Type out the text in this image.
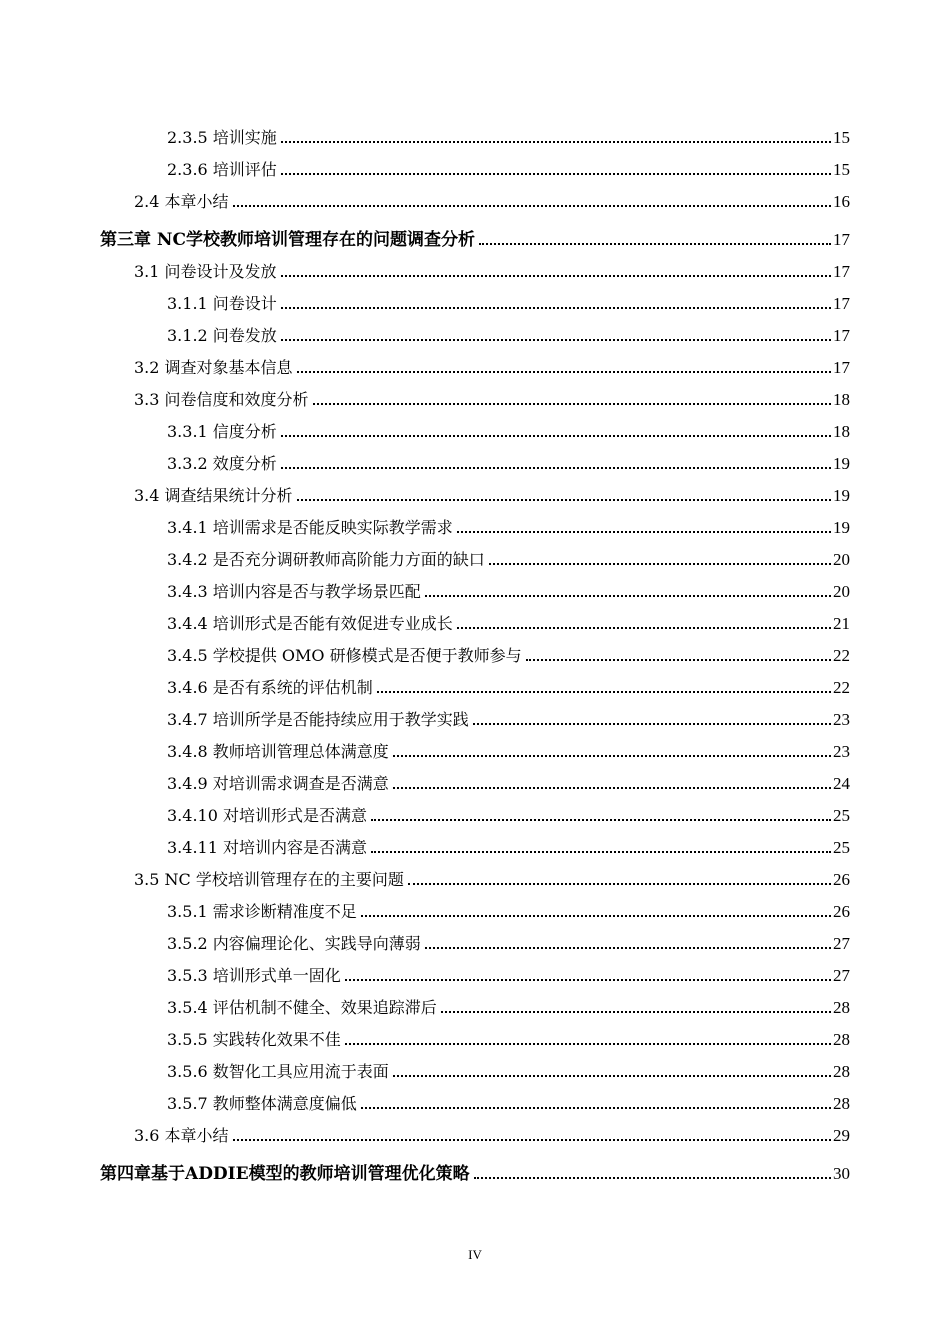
2.3.5 培训实施	15
2.3.6 培训评估	15
2.4 本章小结	16
第三章 NC学校教师培训管理存在的问题调查分析	17
3.1 问卷设计及发放	17
3.1.1 问卷设计	17
3.1.2 问卷发放	17
3.2 调查对象基本信息	17
3.3 问卷信度和效度分析	18
3.3.1 信度分析	18
3.3.2 效度分析	19
3.4 调查结果统计分析	19
3.4.1 培训需求是否能反映实际教学需求	19
3.4.2 是否充分调研教师高阶能力方面的缺口	20
3.4.3 培训内容是否与教学场景匹配	20
3.4.4 培训形式是否能有效促进专业成长	21
3.4.5 学校提供 OMO 研修模式是否便于教师参与	22
3.4.6 是否有系统的评估机制	22
3.4.7 培训所学是否能持续应用于教学实践	23
3.4.8 教师培训管理总体满意度	23
3.4.9 对培训需求调查是否满意	24
3.4.10 对培训形式是否满意	25
3.4.11 对培训内容是否满意	25
3.5 NC 学校培训管理存在的主要问题	26
3.5.1 需求诊断精准度不足	26
3.5.2 内容偏理论化、实践导向薄弱	27
3.5.3 培训形式单一固化	27
3.5.4 评估机制不健全、效果追踪滞后	28
3.5.5 实践转化效果不佳	28
3.5.6 数智化工具应用流于表面	28
3.5.7 教师整体满意度偏低	28
3.6 本章小结	29
第四章基于ADDIE模型的教师培训管理优化策略	30
IV
